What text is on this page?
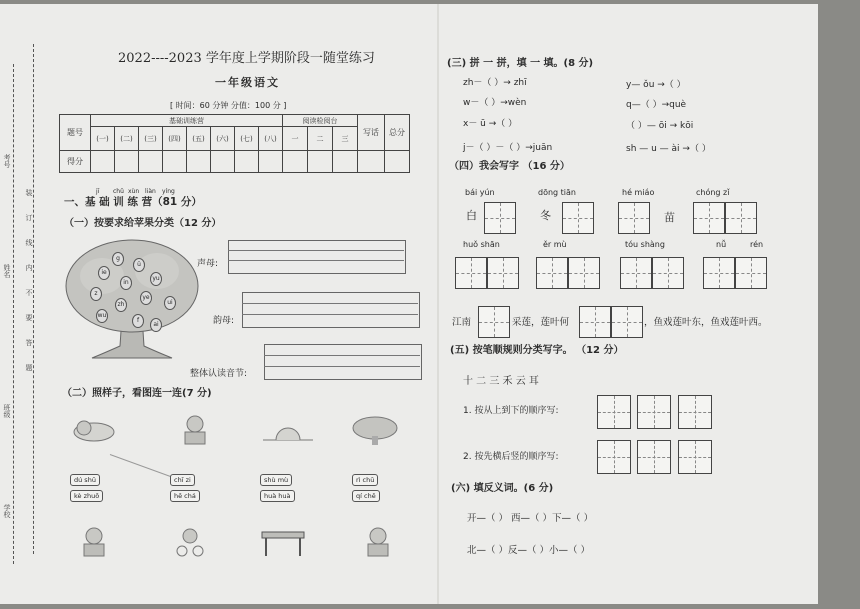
考号
姓名
班级
学校
装
订
线
内
不
要
答
题
2022----2023 学年度上学期阶段一随堂练习
一年级语文
[ 时间：60 分钟 分值：100 分 ]
题号	基础训练营								阅读检阅台			写话	总分
	(一)	(二)	(三)	(四)	(五)	(六)	(七)	(八)	一	二	三		
得分													
jī chǔ xùn liàn yíng
一、基 础 训 练 营（81 分）
（一）按要求给苹果分类（12 分）
g
ü
ie
yu
in
z
ye
ui
zh
wu
f
ai
声母:
韵母:
整体认读音节:
（二）照样子，看图连一连(7 分)
dú shū	chī zi	shù mù	rì chū
kè zhuō	hē chá	huà huà	qí chē
(三) 拼 一 拼，填 一 填。(8 分)
zh－（ ）→ zhī	y— ǒu →（ ）
w－（ ）→wèn	q—（ ）→què
x－ ū →（ ）	（ ）— ōi → kōi
j－（ ）－（ ）→juān	sh — u — ài →（ ）
（四）我会写字 （16 分）
bái yún	dōng tiān	hé miáo	chóng zǐ
白	冬	苗
huǒ shān	ěr mù	tóu shàng	nǚ	rén
江南	采莲，莲叶何	，鱼戏莲叶东，鱼戏莲叶西。
(五) 按笔顺规则分类写字。 （12 分）
十 二 三 禾 云 耳
1. 按从上到下的顺序写:
2. 按先横后竖的顺序写:
(六) 填反义词。(6 分)
开—（ ） 西—（ ）下—（ ）
北—（ ）反—（ ）小—（ ）
